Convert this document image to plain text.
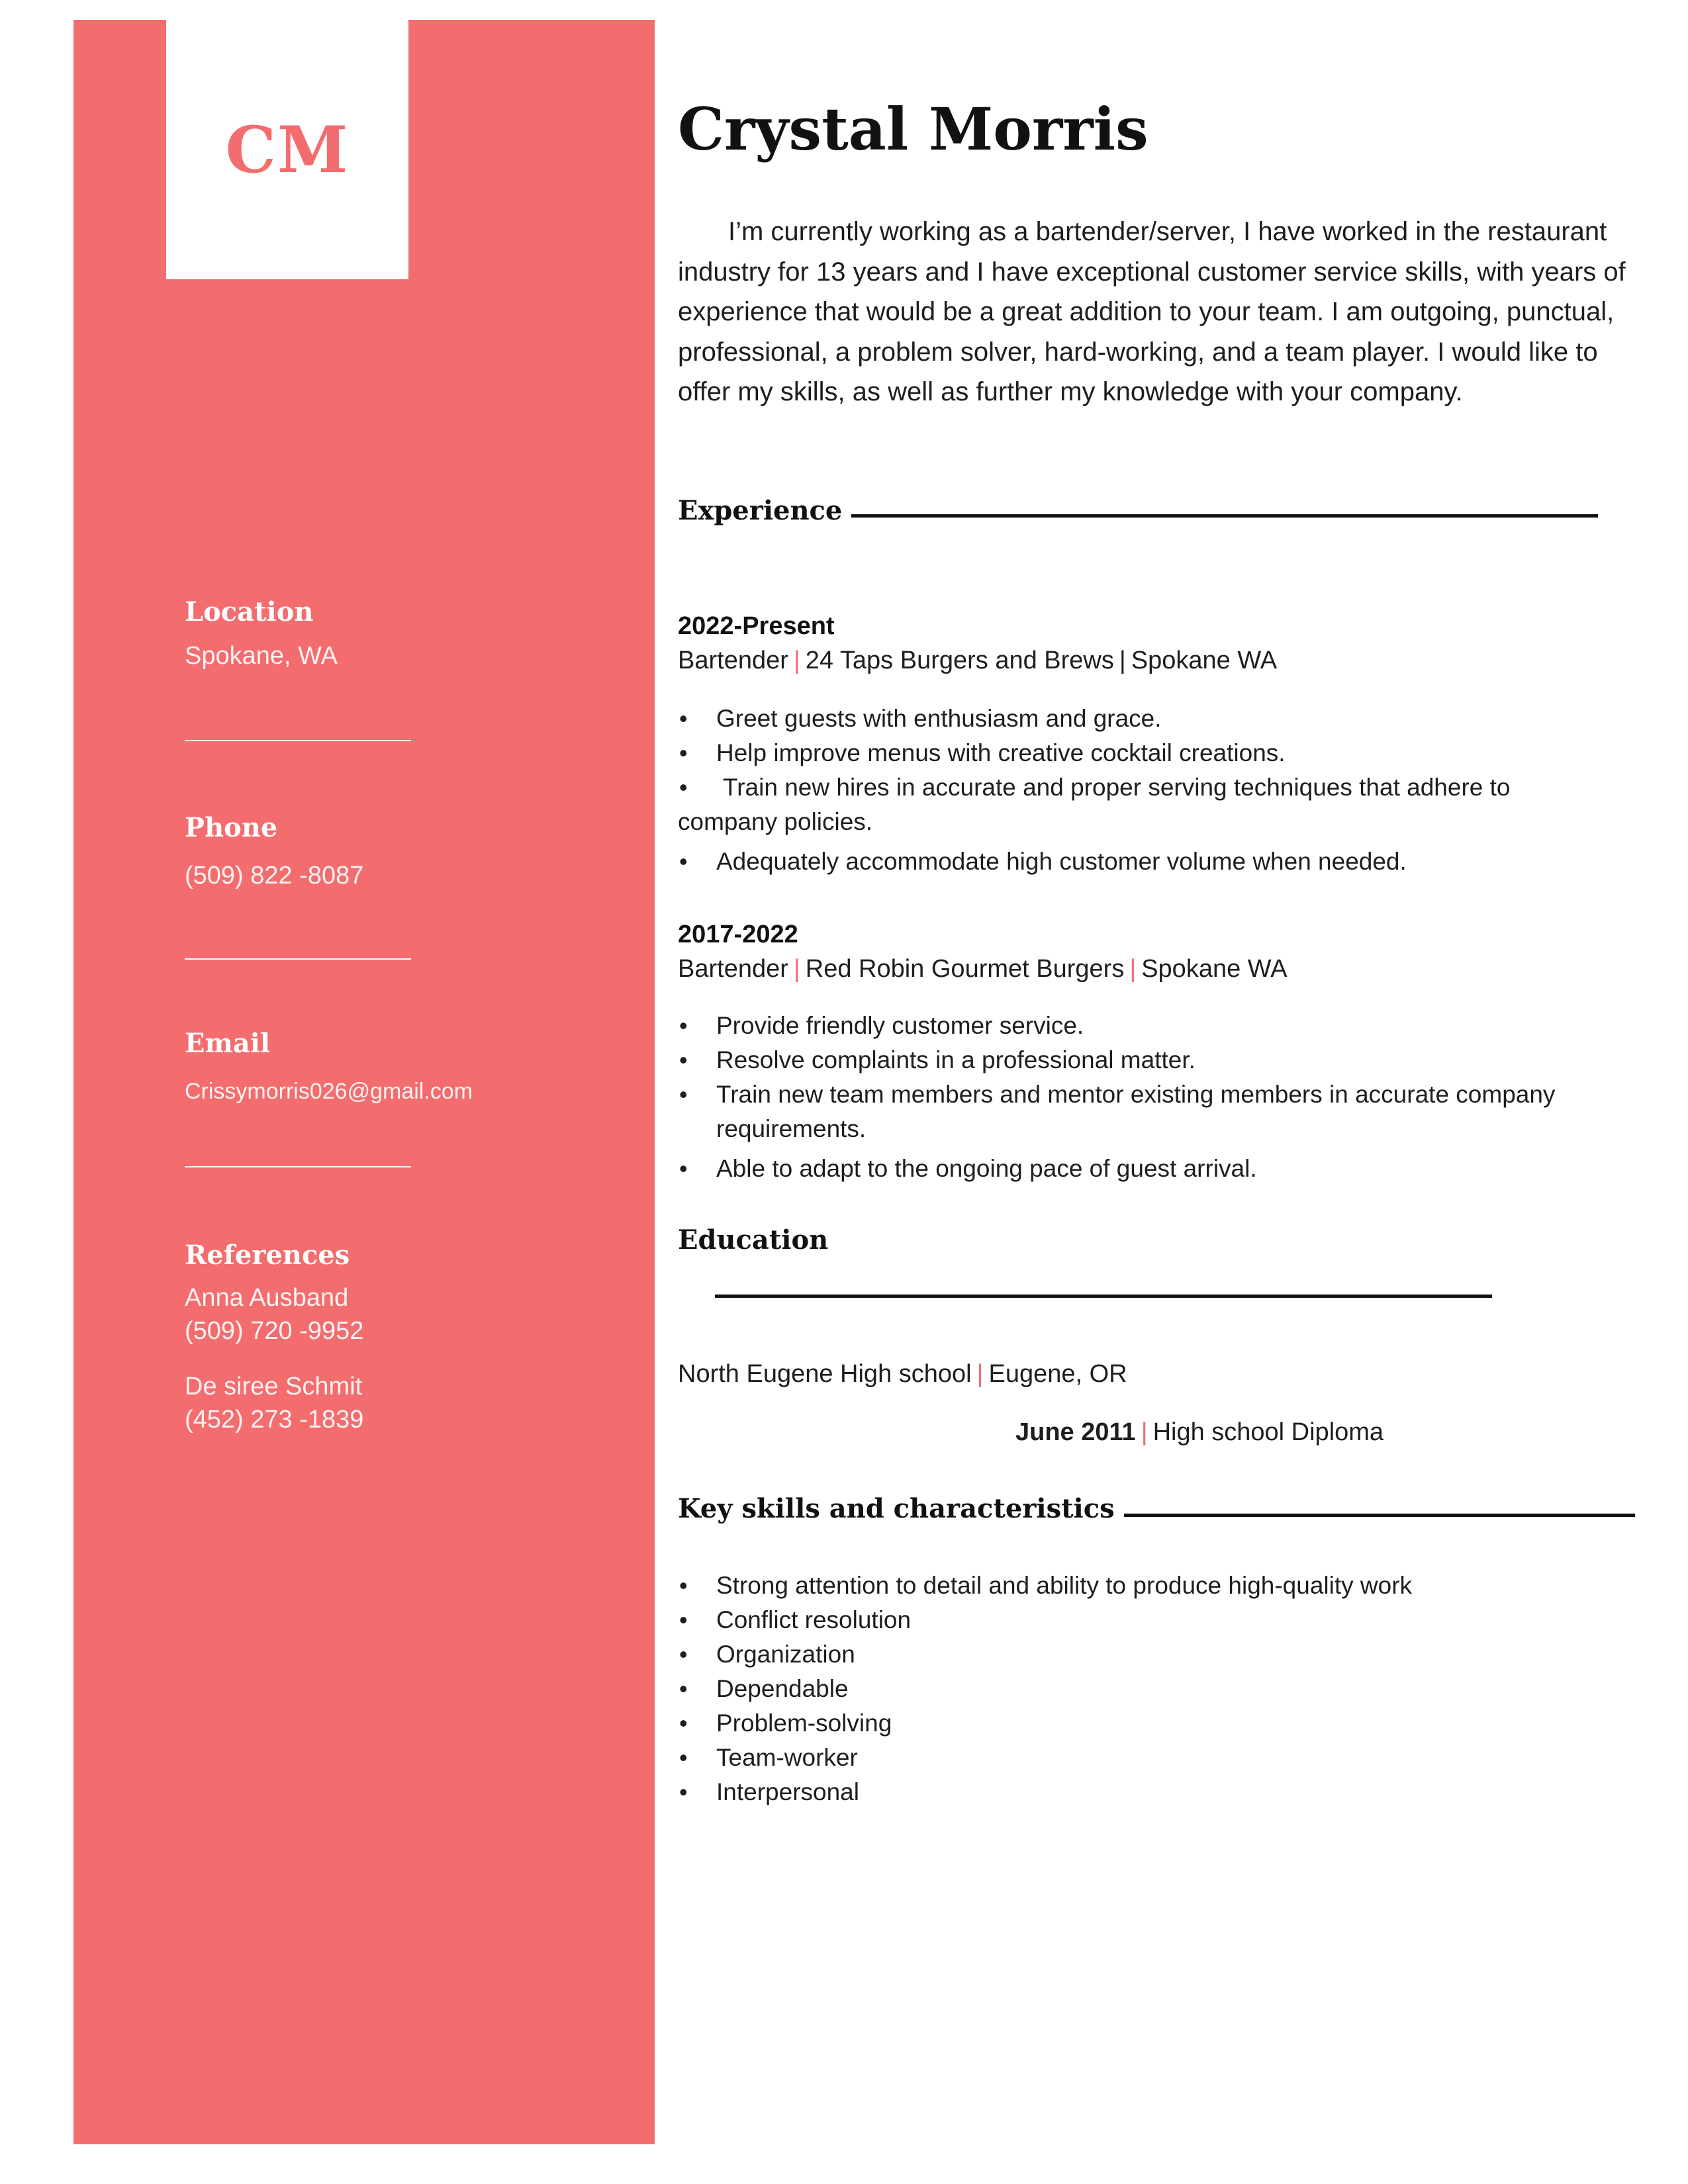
CM
Location
Spokane, WA
Phone
(509) 822 -8087
Email
Crissymorris026@gmail.com
References
Anna Ausband
(509) 720 -9952
De siree Schmit
(452) 273 -1839
Crystal Morris

I’m currently working as a bartender/server, I have worked in the restaurant industry for 13 years and I have exceptional customer service skills, with years of experience that would be a great addition to your team. I am outgoing, punctual, professional, a problem solver, hard-working, and a team player. I would like to offer my skills, as well as further my knowledge with your company.

Experience
2022-Present
Bartender | 24 Taps Burgers and Brews | Spokane WA
• Greet guests with enthusiasm and grace.
• Help improve menus with creative cocktail creations.
• Train new hires in accurate and proper serving techniques that adhere to company policies.
• Adequately accommodate high customer volume when needed.
2017-2022
Bartender | Red Robin Gourmet Burgers | Spokane WA
• Provide friendly customer service.
• Resolve complaints in a professional matter.
• Train new team members and mentor existing members in accurate company requirements.
• Able to adapt to the ongoing pace of guest arrival.
Education
North Eugene High school | Eugene, OR
June 2011 | High school Diploma
Key skills and characteristics
• Strong attention to detail and ability to produce high-quality work
• Conflict resolution
• Organization
• Dependable
• Problem-solving
• Team-worker
• Interpersonal
